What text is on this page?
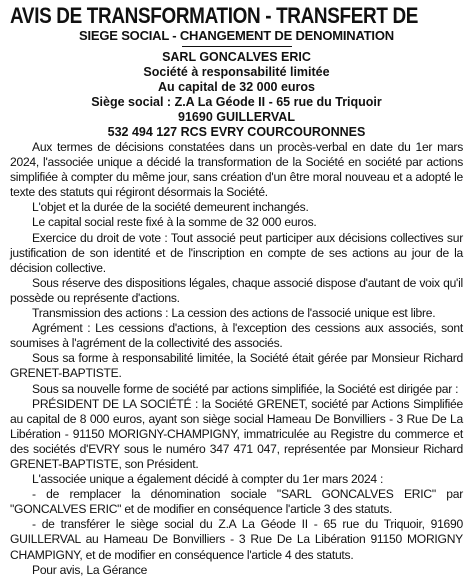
AVIS DE TRANSFORMATION - TRANSFERT DE
SIEGE SOCIAL - CHANGEMENT DE DENOMINATION
SARL GONCALVES ERIC
Société à responsabilité limitée
Au capital de 32 000 euros
Siège social : Z.A La Géode II - 65 rue du Triquoir
91690 GUILLERVAL
532 494 127 RCS EVRY COURCOURONNES

Aux termes de décisions constatées dans un procès-verbal en date du 1er mars 2024, l'associée unique a décidé la transformation de la Société en société par actions simplifiée à compter du même jour, sans création d'un être moral nouveau et a adopté le texte des statuts qui régiront désormais la Société.

L'objet et la durée de la société demeurent inchangés.

Le capital social reste fixé à la somme de 32 000 euros.

Exercice du droit de vote : Tout associé peut participer aux décisions collectives sur justification de son identité et de l'inscription en compte de ses actions au jour de la décision collective.

Sous réserve des dispositions légales, chaque associé dispose d'autant de voix qu'il possède ou représente d'actions.

Transmission des actions : La cession des actions de l'associé unique est libre.

Agrément : Les cessions d'actions, à l'exception des cessions aux associés, sont soumises à l'agrément de la collectivité des associés.

Sous sa forme à responsabilité limitée, la Société était gérée par Monsieur Richard GRENET-BAPTISTE.

Sous sa nouvelle forme de société par actions simplifiée, la Société est dirigée par :

PRÉSIDENT DE LA SOCIÉTÉ : la Société GRENET, société par Actions Simplifiée au capital de 8 000 euros, ayant son siège social Hameau De Bonvilliers - 3 Rue De La Libération - 91150 MORIGNY-CHAMPIGNY, immatriculée au Registre du commerce et des sociétés d'EVRY sous le numéro 347 471 047, représentée par Monsieur Richard GRENET-BAPTISTE, son Président.

L'associée unique a également décidé à compter du 1er mars 2024 :

- de remplacer la dénomination sociale "SARL GONCALVES ERIC" par "GONCALVES ERIC" et de modifier en conséquence l'article 3 des statuts.

- de transférer le siège social du Z.A La Géode II - 65 rue du Triquoir, 91690 GUILLERVAL au Hameau De Bonvilliers - 3 Rue De La Libération 91150 MORIGNY CHAMPIGNY, et de modifier en conséquence l'article 4 des statuts.

Pour avis, La Gérance
